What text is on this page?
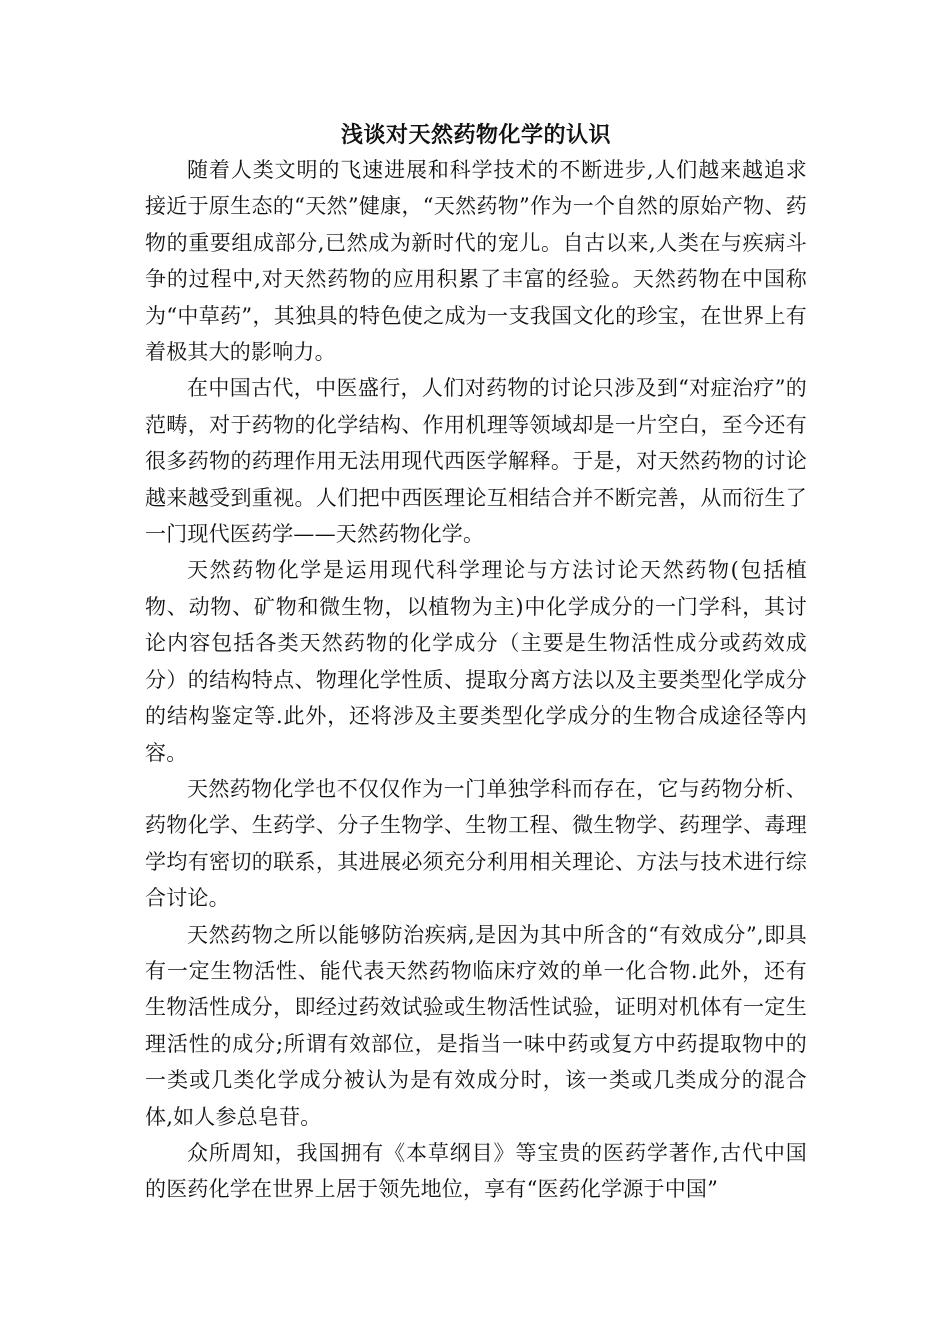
浅谈对天然药物化学的认识

随着人类文明的飞速进展和科学技术的不断进步,人们越来越追求接近于原生态的“天然”健康，“天然药物”作为一个自然的原始产物、药物的重要组成部分,已然成为新时代的宠儿。自古以来,人类在与疾病斗争的过程中,对天然药物的应用积累了丰富的经验。天然药物在中国称为“中草药”，其独具的特色使之成为一支我国文化的珍宝，在世界上有着极其大的影响力。

在中国古代，中医盛行，人们对药物的讨论只涉及到“对症治疗”的范畴，对于药物的化学结构、作用机理等领域却是一片空白，至今还有很多药物的药理作用无法用现代西医学解释。于是，对天然药物的讨论越来越受到重视。人们把中西医理论互相结合并不断完善，从而衍生了一门现代医药学——天然药物化学。

天然药物化学是运用现代科学理论与方法讨论天然药物(包括植物、动物、矿物和微生物，以植物为主)中化学成分的一门学科，其讨论内容包括各类天然药物的化学成分（主要是生物活性成分或药效成分）的结构特点、物理化学性质、提取分离方法以及主要类型化学成分的结构鉴定等.此外，还将涉及主要类型化学成分的生物合成途径等内容。

天然药物化学也不仅仅作为一门单独学科而存在，它与药物分析、药物化学、生药学、分子生物学、生物工程、微生物学、药理学、毒理学均有密切的联系，其进展必须充分利用相关理论、方法与技术进行综合讨论。

天然药物之所以能够防治疾病,是因为其中所含的“有效成分”,即具有一定生物活性、能代表天然药物临床疗效的单一化合物.此外，还有生物活性成分，即经过药效试验或生物活性试验，证明对机体有一定生理活性的成分;所谓有效部位，是指当一味中药或复方中药提取物中的一类或几类化学成分被认为是有效成分时，该一类或几类成分的混合体,如人参总皂苷。

众所周知，我国拥有《本草纲目》等宝贵的医药学著作,古代中国的医药化学在世界上居于领先地位，享有“医药化学源于中国”
